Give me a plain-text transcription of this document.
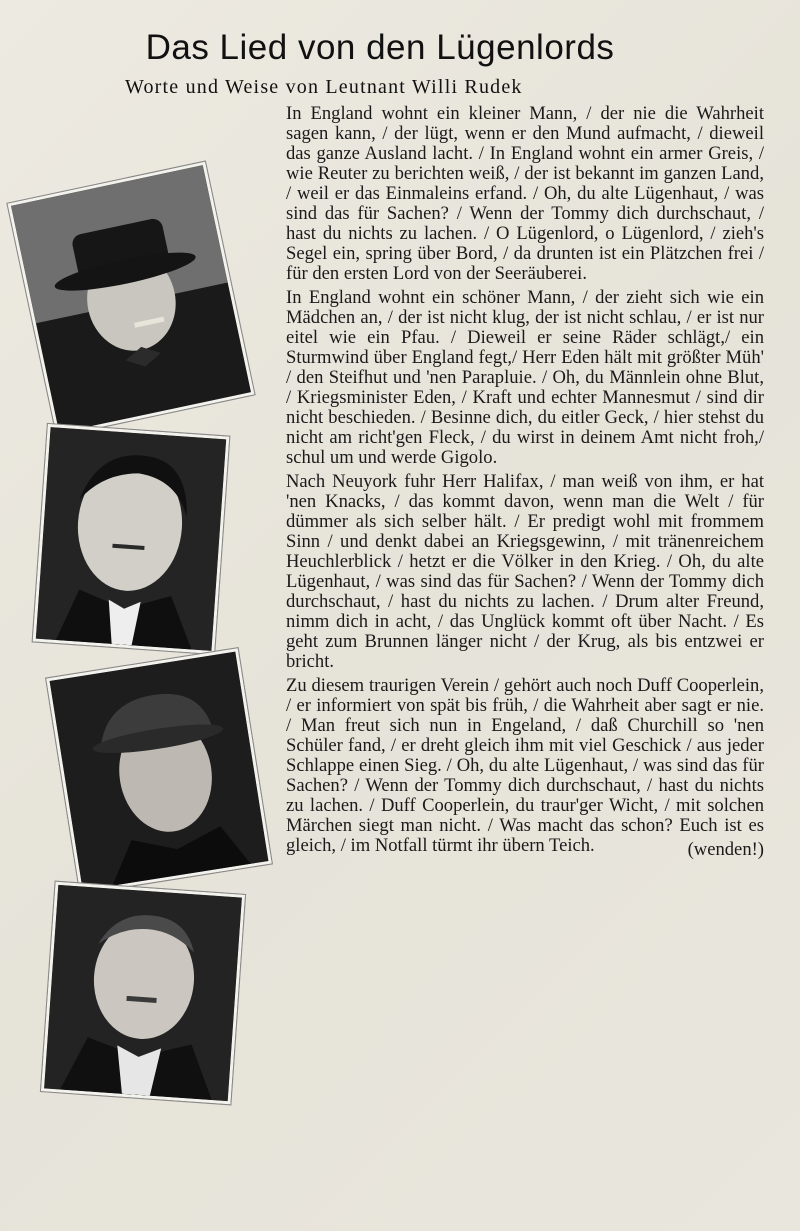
Das Lied von den Lügenlords
Worte und Weise von Leutnant Willi Rudek

In England wohnt ein kleiner Mann, / der nie die Wahrheit sagen kann, / der lügt, wenn er den Mund aufmacht, / dieweil das ganze Ausland lacht. / In England wohnt ein armer Greis, / wie Reuter zu berichten weiß, / der ist bekannt im ganzen Land, / weil er das Einmaleins erfand. / Oh, du alte Lügenhaut, / was sind das für Sachen? / Wenn der Tommy dich durchschaut, / hast du nichts zu lachen. / O Lügenlord, o Lügenlord, / zieh's Segel ein, spring über Bord, / da drunten ist ein Plätzchen frei / für den ersten Lord von der Seeräuberei.

In England wohnt ein schöner Mann, / der zieht sich wie ein Mädchen an, / der ist nicht klug, der ist nicht schlau, / er ist nur eitel wie ein Pfau. / Dieweil er seine Räder schlägt,/ ein Sturmwind über England fegt,/ Herr Eden hält mit größter Müh' / den Steifhut und 'nen Parapluie. / Oh, du Männlein ohne Blut, / Kriegsminister Eden, / Kraft und echter Mannesmut / sind dir nicht beschieden. / Besinne dich, du eitler Geck, / hier stehst du nicht am richt'gen Fleck, / du wirst in deinem Amt nicht froh,/ schul um und werde Gigolo.

Nach Neuyork fuhr Herr Halifax, / man weiß von ihm, er hat 'nen Knacks, / das kommt davon, wenn man die Welt / für dümmer als sich selber hält. / Er predigt wohl mit frommem Sinn / und denkt dabei an Kriegsgewinn, / mit tränenreichem Heuchlerblick / hetzt er die Völker in den Krieg. / Oh, du alte Lügenhaut, / was sind das für Sachen? / Wenn der Tommy dich durchschaut, / hast du nichts zu lachen. / Drum alter Freund, nimm dich in acht, / das Unglück kommt oft über Nacht. / Es geht zum Brunnen länger nicht / der Krug, als bis entzwei er bricht.

Zu diesem traurigen Verein / gehört auch noch Duff Cooperlein, / er informiert von spät bis früh, / die Wahrheit aber sagt er nie. / Man freut sich nun in Engeland, / daß Churchill so 'nen Schüler fand, / er dreht gleich ihm mit viel Geschick / aus jeder Schlappe einen Sieg. / Oh, du alte Lügenhaut, / was sind das für Sachen? / Wenn der Tommy dich durchschaut, / hast du nichts zu lachen. / Duff Cooperlein, du traur'ger Wicht, / mit solchen Märchen siegt man nicht. / Was macht das schon? Euch ist es gleich, / im Notfall türmt ihr übern Teich.	(wenden!)
